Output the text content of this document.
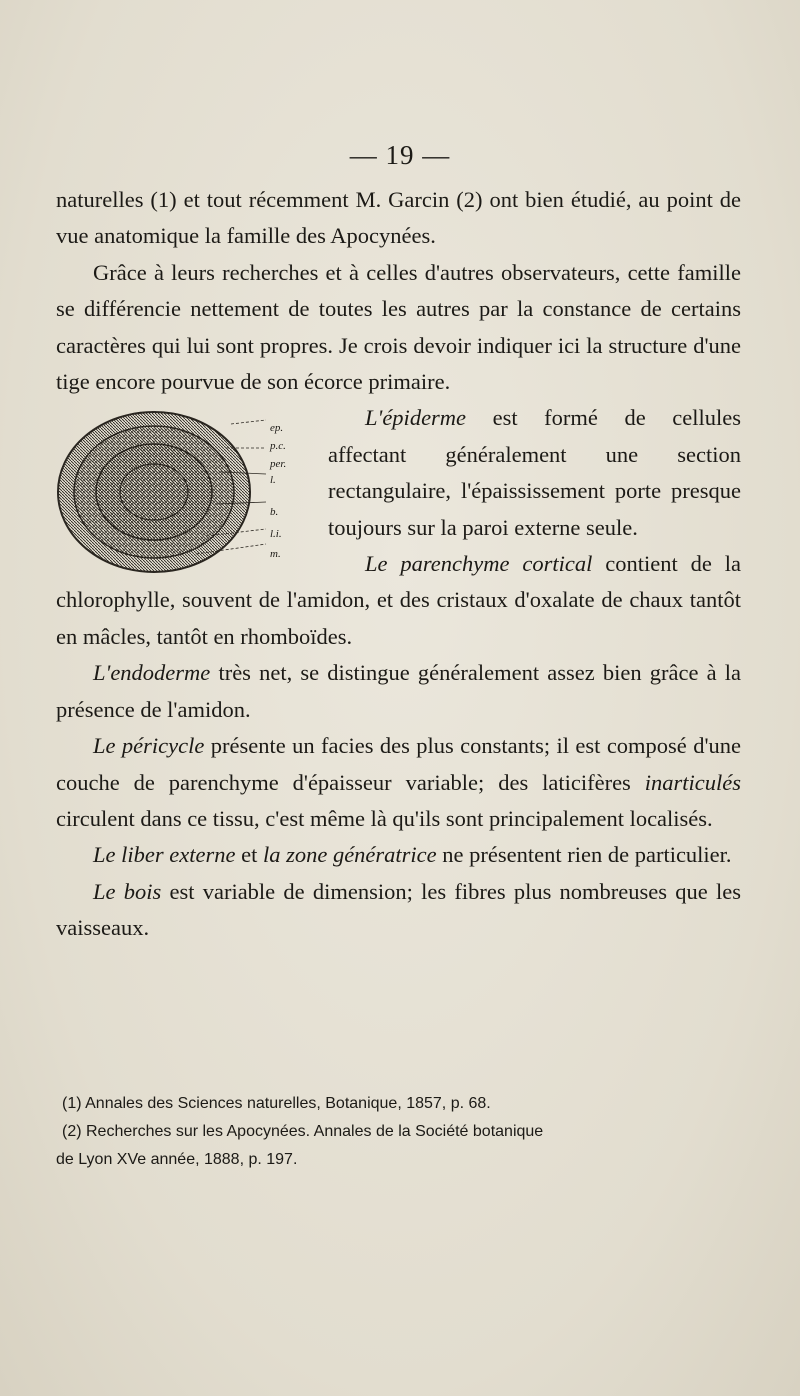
— 19 —

naturelles (1) et tout récemment M. Garcin (2) ont bien étudié, au point de vue anatomique la famille des Apocynées.

Grâce à leurs recherches et à celles d'autres observateurs, cette famille se différencie nettement de toutes les autres par la constance de certains caractères qui lui sont propres. Je crois devoir indiquer ici la structure d'une tige encore pourvue de son écorce primaire.

ep.
p.c.
per.
l.
b.
l.i.
m.

L'épiderme est formé de cellules affectant généralement une section rectangulaire, l'épaississement porte presque toujours sur la paroi externe seule.

Le parenchyme cortical contient de la chlorophylle, souvent de l'amidon, et des cristaux d'oxalate de chaux tantôt en mâcles, tantôt en rhomboïdes.

L'endoderme très net, se distingue généralement assez bien grâce à la présence de l'amidon.

Le péricycle présente un facies des plus constants; il est composé d'une couche de parenchyme d'épaisseur variable; des laticifères inarticulés circulent dans ce tissu, c'est même là qu'ils sont principalement localisés.

Le liber externe et la zone génératrice ne présentent rien de particulier.

Le bois est variable de dimension; les fibres plus nombreuses que les vaisseaux.

(1) Annales des Sciences naturelles, Botanique, 1857, p. 68.

(2) Recherches sur les Apocynées. Annales de la Société botanique

de Lyon XVe année, 1888, p. 197.
